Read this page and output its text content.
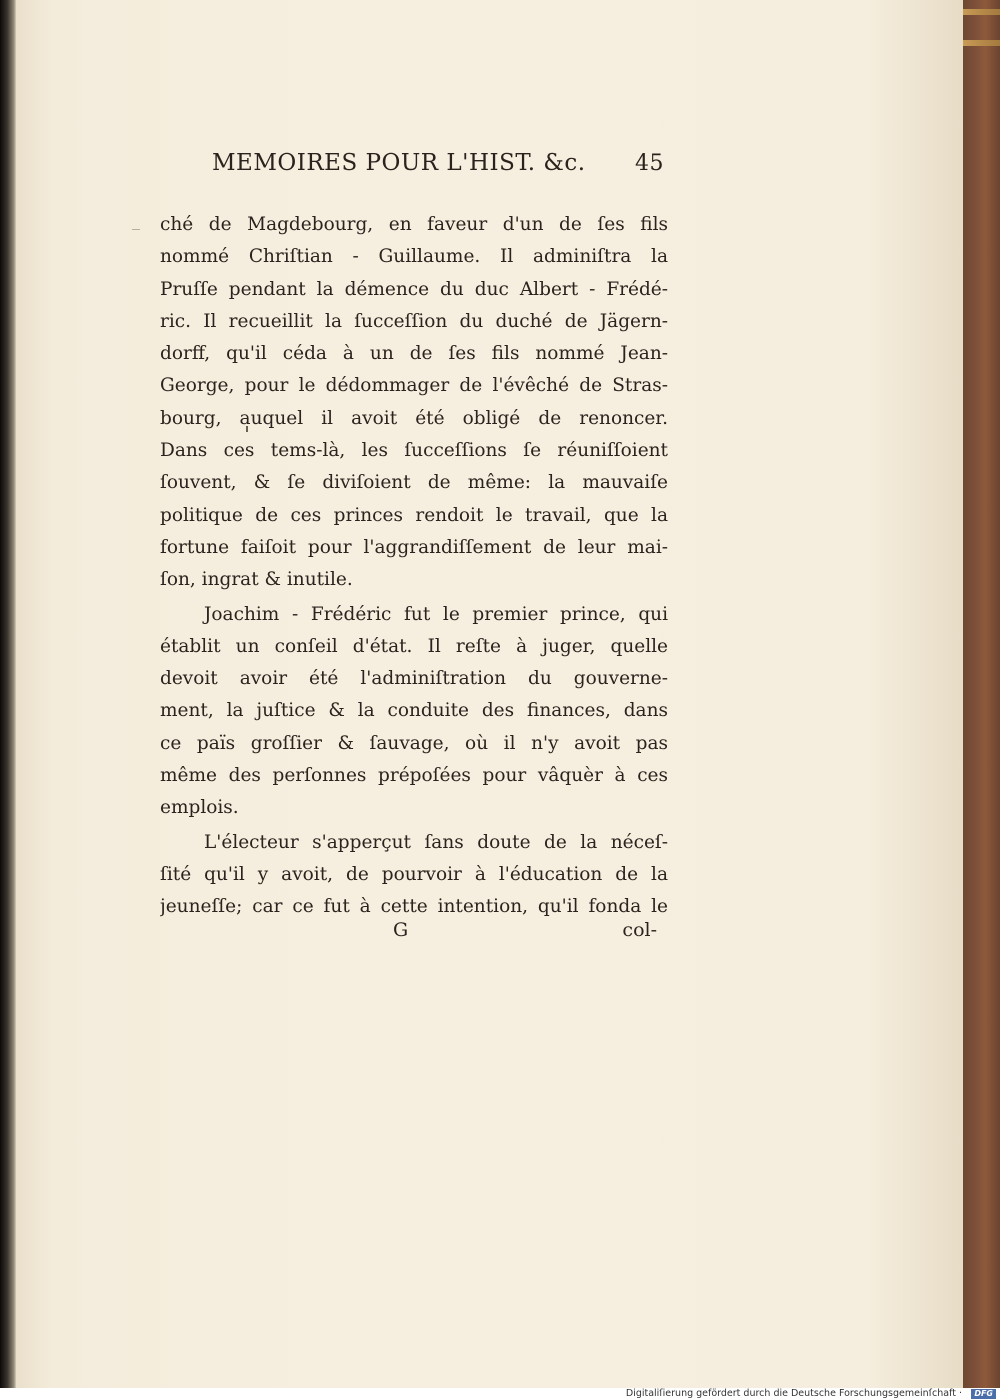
MEMOIRES POUR L'HIST. &c. 45
ché de Magdebourg, en faveur d'un de ſes fils
nommé Chriſtian - Guillaume. Il adminiſtra la
Pruſſe pendant la démence du duc Albert - Frédé-
ric. Il recueillit la ſucceſſion du duché de Jägern-
dorff, qu'il céda à un de ſes fils nommé Jean-
George, pour le dédommager de l'évêché de Stras-
bourg, auquel il avoit été obligé de renoncer.
Dans ces tems-là, les ſucceſſions ſe réuniſſoient
ſouvent, & ſe diviſoient de même: la mauvaiſe
politique de ces princes rendoit le travail, que la
fortune faiſoit pour l'aggrandiſſement de leur mai-
ſon, ingrat & inutile.
Joachim - Frédéric fut le premier prince, qui
établit un conſeil d'état. Il reſte à juger, quelle
devoit avoir été l'adminiſtration du gouverne-
ment, la juſtice & la conduite des finances, dans
ce païs groſſier & ſauvage, où il n'y avoit pas
même des perſonnes prépoſées pour vâquèr à ces
emplois.
L'électeur s'apperçut ſans doute de la néceſ-
ſité qu'il y avoit, de pourvoir à l'éducation de la
jeuneſſe; car ce fut à cette intention, qu'il fonda le
G	col-
Digitaliſierung gefördert durch die Deutsche Forschungsgemeinſchaft ·	DFG
